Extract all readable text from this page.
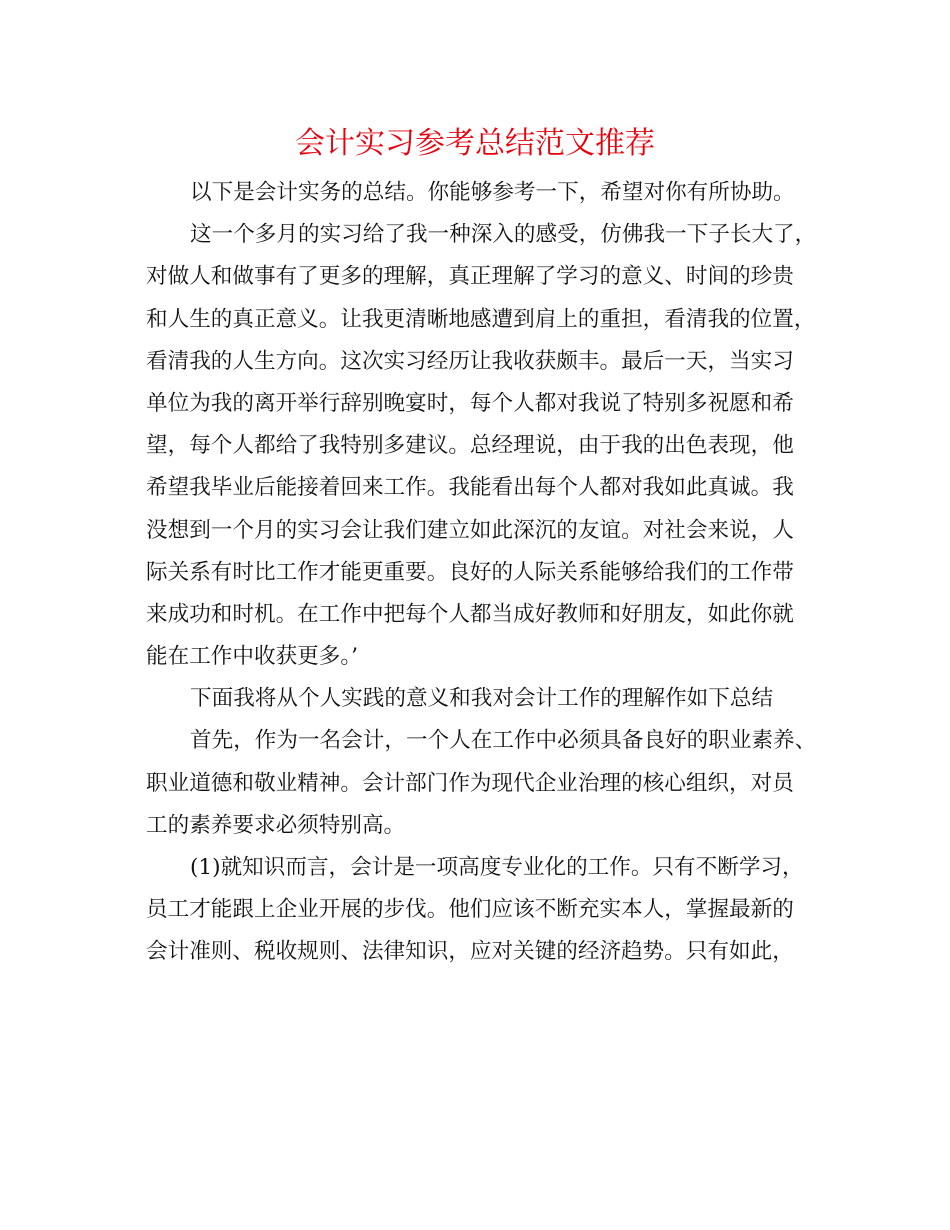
会计实习参考总结范文推荐
以下是会计实务的总结。你能够参考一下，希望对你有所协助。
这一个多月的实习给了我一种深入的感受，仿佛我一下子长大了，
对做人和做事有了更多的理解，真正理解了学习的意义、时间的珍贵
和人生的真正意义。让我更清晰地感遭到肩上的重担，看清我的位置，
看清我的人生方向。这次实习经历让我收获颇丰。最后一天，当实习
单位为我的离开举行辞别晚宴时，每个人都对我说了特别多祝愿和希
望，每个人都给了我特别多建议。总经理说，由于我的出色表现，他
希望我毕业后能接着回来工作。我能看出每个人都对我如此真诚。我
没想到一个月的实习会让我们建立如此深沉的友谊。对社会来说，人
际关系有时比工作才能更重要。良好的人际关系能够给我们的工作带
来成功和时机。在工作中把每个人都当成好教师和好朋友，如此你就
能在工作中收获更多。’
下面我将从个人实践的意义和我对会计工作的理解作如下总结
首先，作为一名会计，一个人在工作中必须具备良好的职业素养、
职业道德和敬业精神。会计部门作为现代企业治理的核心组织，对员
工的素养要求必须特别高。
(1)就知识而言，会计是一项高度专业化的工作。只有不断学习，
员工才能跟上企业开展的步伐。他们应该不断充实本人，掌握最新的
会计准则、税收规则、法律知识，应对关键的经济趋势。只有如此，
